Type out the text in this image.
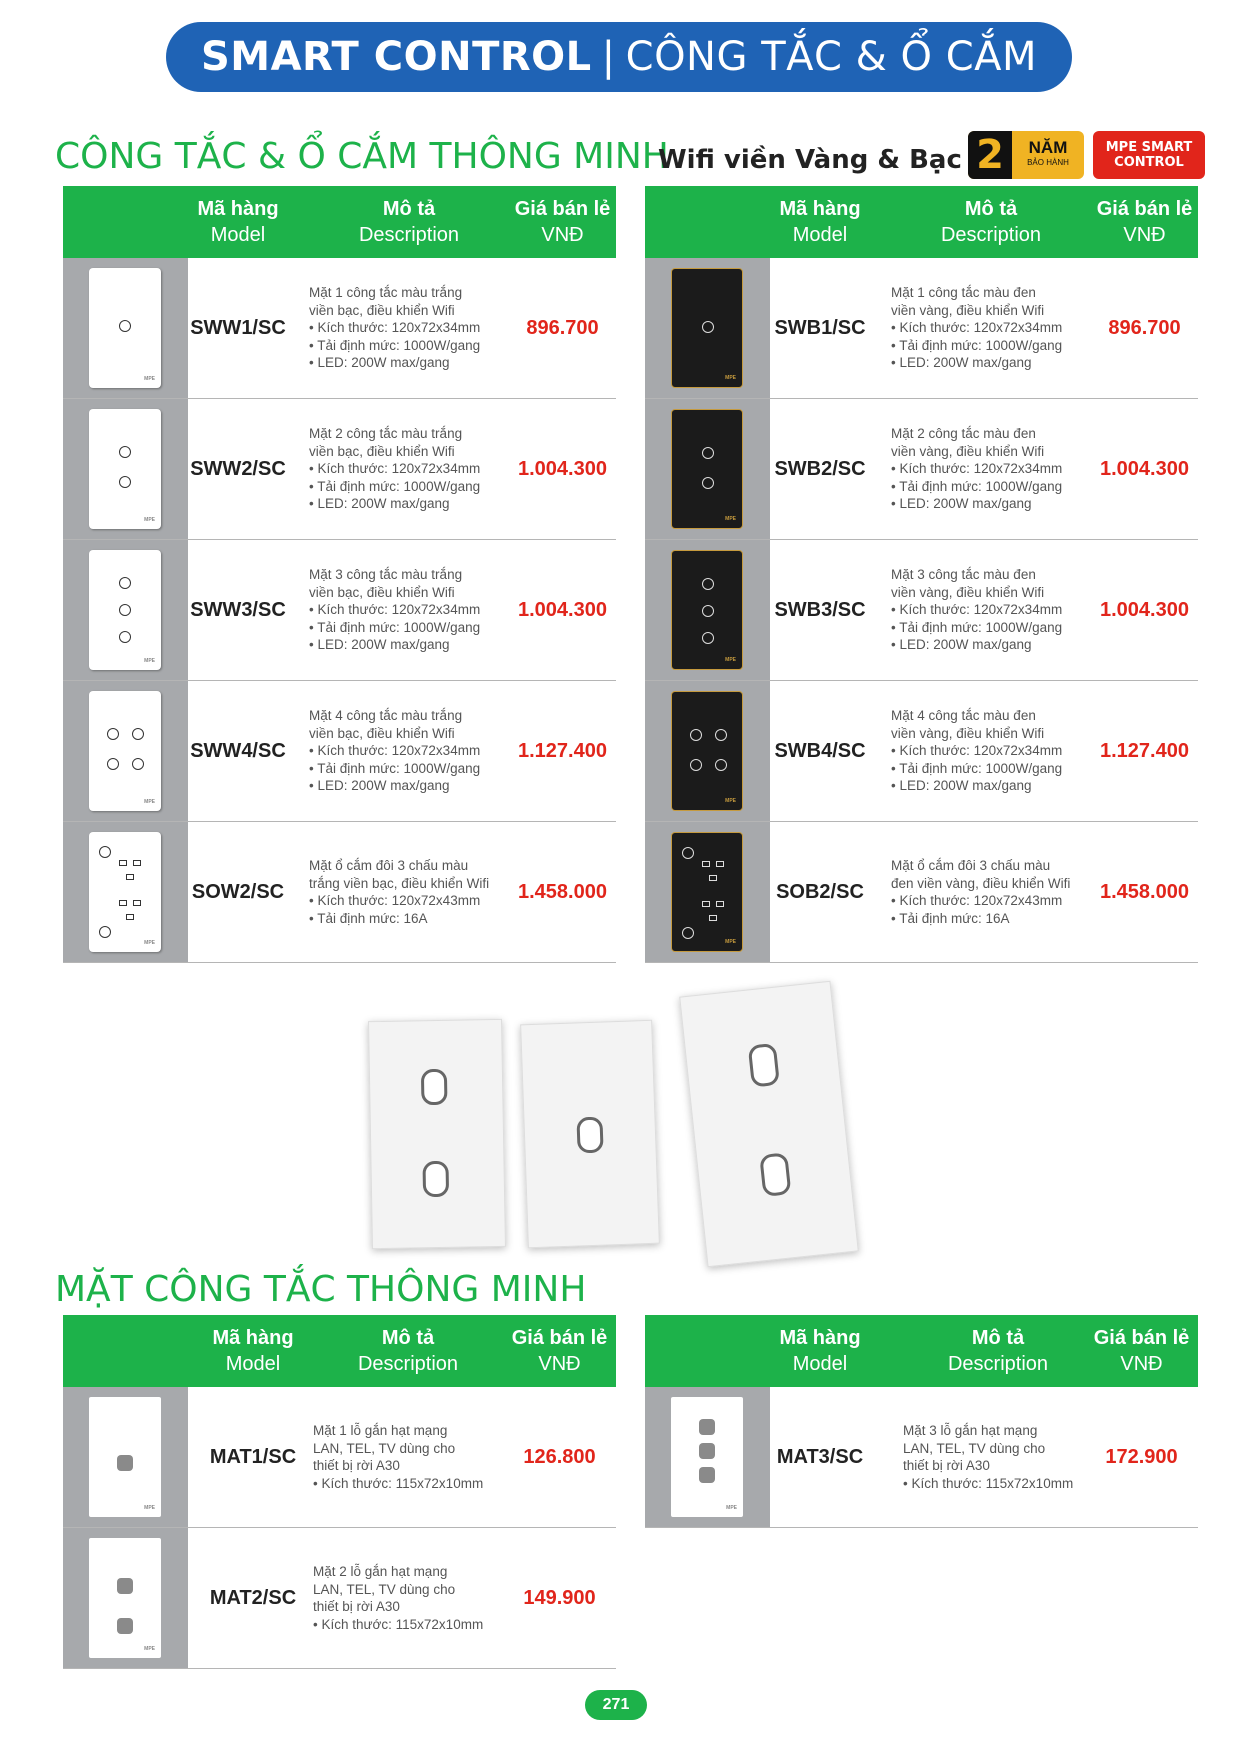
SMART CONTROL | CÔNG TẮC & Ổ CẮM
CÔNG TẮC & Ổ CẮM THÔNG MINH
Wifi viền Vàng & Bạc 2	NĂM
BẢO HÀNH
MPE SMART
CONTROL
Mã hàng
Model
Mô tả
Description
Giá bán lẻ
VNĐ
MPE
SWW1/SC
Mặt 1 công tắc màu trắng
viền bạc, điều khiển Wifi
• Kích thước: 120x72x34mm
• Tải định mức: 1000W/gang
• LED: 200W max/gang
896.700
MPE
SWW2/SC
Mặt 2 công tắc màu trắng
viền bạc, điều khiển Wifi
• Kích thước: 120x72x34mm
• Tải định mức: 1000W/gang
• LED: 200W max/gang
1.004.300
MPE
SWW3/SC
Mặt 3 công tắc màu trắng
viền bạc, điều khiển Wifi
• Kích thước: 120x72x34mm
• Tải định mức: 1000W/gang
• LED: 200W max/gang
1.004.300
MPE
SWW4/SC
Mặt 4 công tắc màu trắng
viền bạc, điều khiển Wifi
• Kích thước: 120x72x34mm
• Tải định mức: 1000W/gang
• LED: 200W max/gang
1.127.400
MPE
SOW2/SC
Mặt ổ cắm đôi 3 chấu màu
trắng viền bạc, điều khiển Wifi
• Kích thước: 120x72x43mm
• Tải định mức: 16A
1.458.000
Mã hàng
Model
Mô tả
Description
Giá bán lẻ
VNĐ
MPE
SWB1/SC
Mặt 1 công tắc màu đen
viền vàng, điều khiển Wifi
• Kích thước: 120x72x34mm
• Tải định mức: 1000W/gang
• LED: 200W max/gang
896.700
MPE
SWB2/SC
Mặt 2 công tắc màu đen
viền vàng, điều khiển Wifi
• Kích thước: 120x72x34mm
• Tải định mức: 1000W/gang
• LED: 200W max/gang
1.004.300
MPE
SWB3/SC
Mặt 3 công tắc màu đen
viền vàng, điều khiển Wifi
• Kích thước: 120x72x34mm
• Tải định mức: 1000W/gang
• LED: 200W max/gang
1.004.300
MPE
SWB4/SC
Mặt 4 công tắc màu đen
viền vàng, điều khiển Wifi
• Kích thước: 120x72x34mm
• Tải định mức: 1000W/gang
• LED: 200W max/gang
1.127.400
MPE
SOB2/SC
Mặt ổ cắm đôi 3 chấu màu
đen viền vàng, điều khiển Wifi
• Kích thước: 120x72x43mm
• Tải định mức: 16A
1.458.000
MẶT CÔNG TẮC THÔNG MINH
Mã hàng
Model
Mô tả
Description
Giá bán lẻ
VNĐ
MPE
MAT1/SC
Mặt 1 lỗ gắn hạt mạng
LAN, TEL, TV dùng cho
thiết bị rời A30
• Kích thước: 115x72x10mm
126.800
MPE
MAT2/SC
Mặt 2 lỗ gắn hạt mạng
LAN, TEL, TV dùng cho
thiết bị rời A30
• Kích thước: 115x72x10mm
149.900
Mã hàng
Model
Mô tả
Description
Giá bán lẻ
VNĐ
MPE
MAT3/SC
Mặt 3 lỗ gắn hạt mạng
LAN, TEL, TV dùng cho
thiết bị rời A30
• Kích thước: 115x72x10mm
172.900
271
